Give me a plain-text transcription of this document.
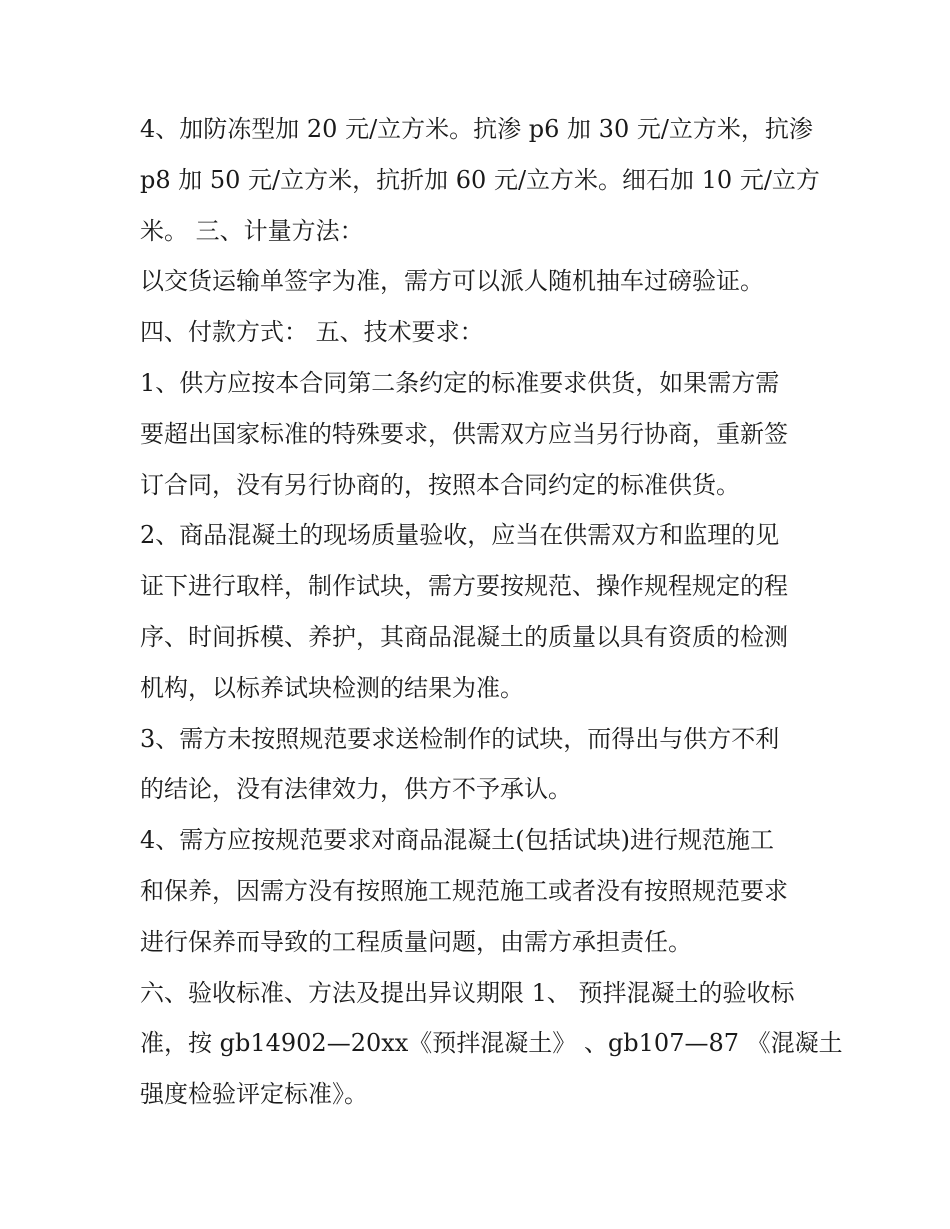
4、加防冻型加 20 元/立方米。抗渗 p6 加 30 元/立方米，抗渗
p8 加 50 元/立方米，抗折加 60 元/立方米。细石加 10 元/立方
米。 三、计量方法：
以交货运输单签字为准，需方可以派人随机抽车过磅验证。
四、付款方式： 五、技术要求：
1、供方应按本合同第二条约定的标准要求供货，如果需方需
要超出国家标准的特殊要求，供需双方应当另行协商，重新签
订合同，没有另行协商的，按照本合同约定的标准供货。
2、商品混凝土的现场质量验收，应当在供需双方和监理的见
证下进行取样，制作试块，需方要按规范、操作规程规定的程
序、时间拆模、养护，其商品混凝土的质量以具有资质的检测
机构，以标养试块检测的结果为准。
3、需方未按照规范要求送检制作的试块，而得出与供方不利
的结论，没有法律效力，供方不予承认。
4、需方应按规范要求对商品混凝土(包括试块)进行规范施工
和保养，因需方没有按照施工规范施工或者没有按照规范要求
进行保养而导致的工程质量问题，由需方承担责任。
六、验收标准、方法及提出异议期限 1、 预拌混凝土的验收标
准，按 gb14902—20xx《预拌混凝土》 、gb107—87 《混凝土
强度检验评定标准》。
